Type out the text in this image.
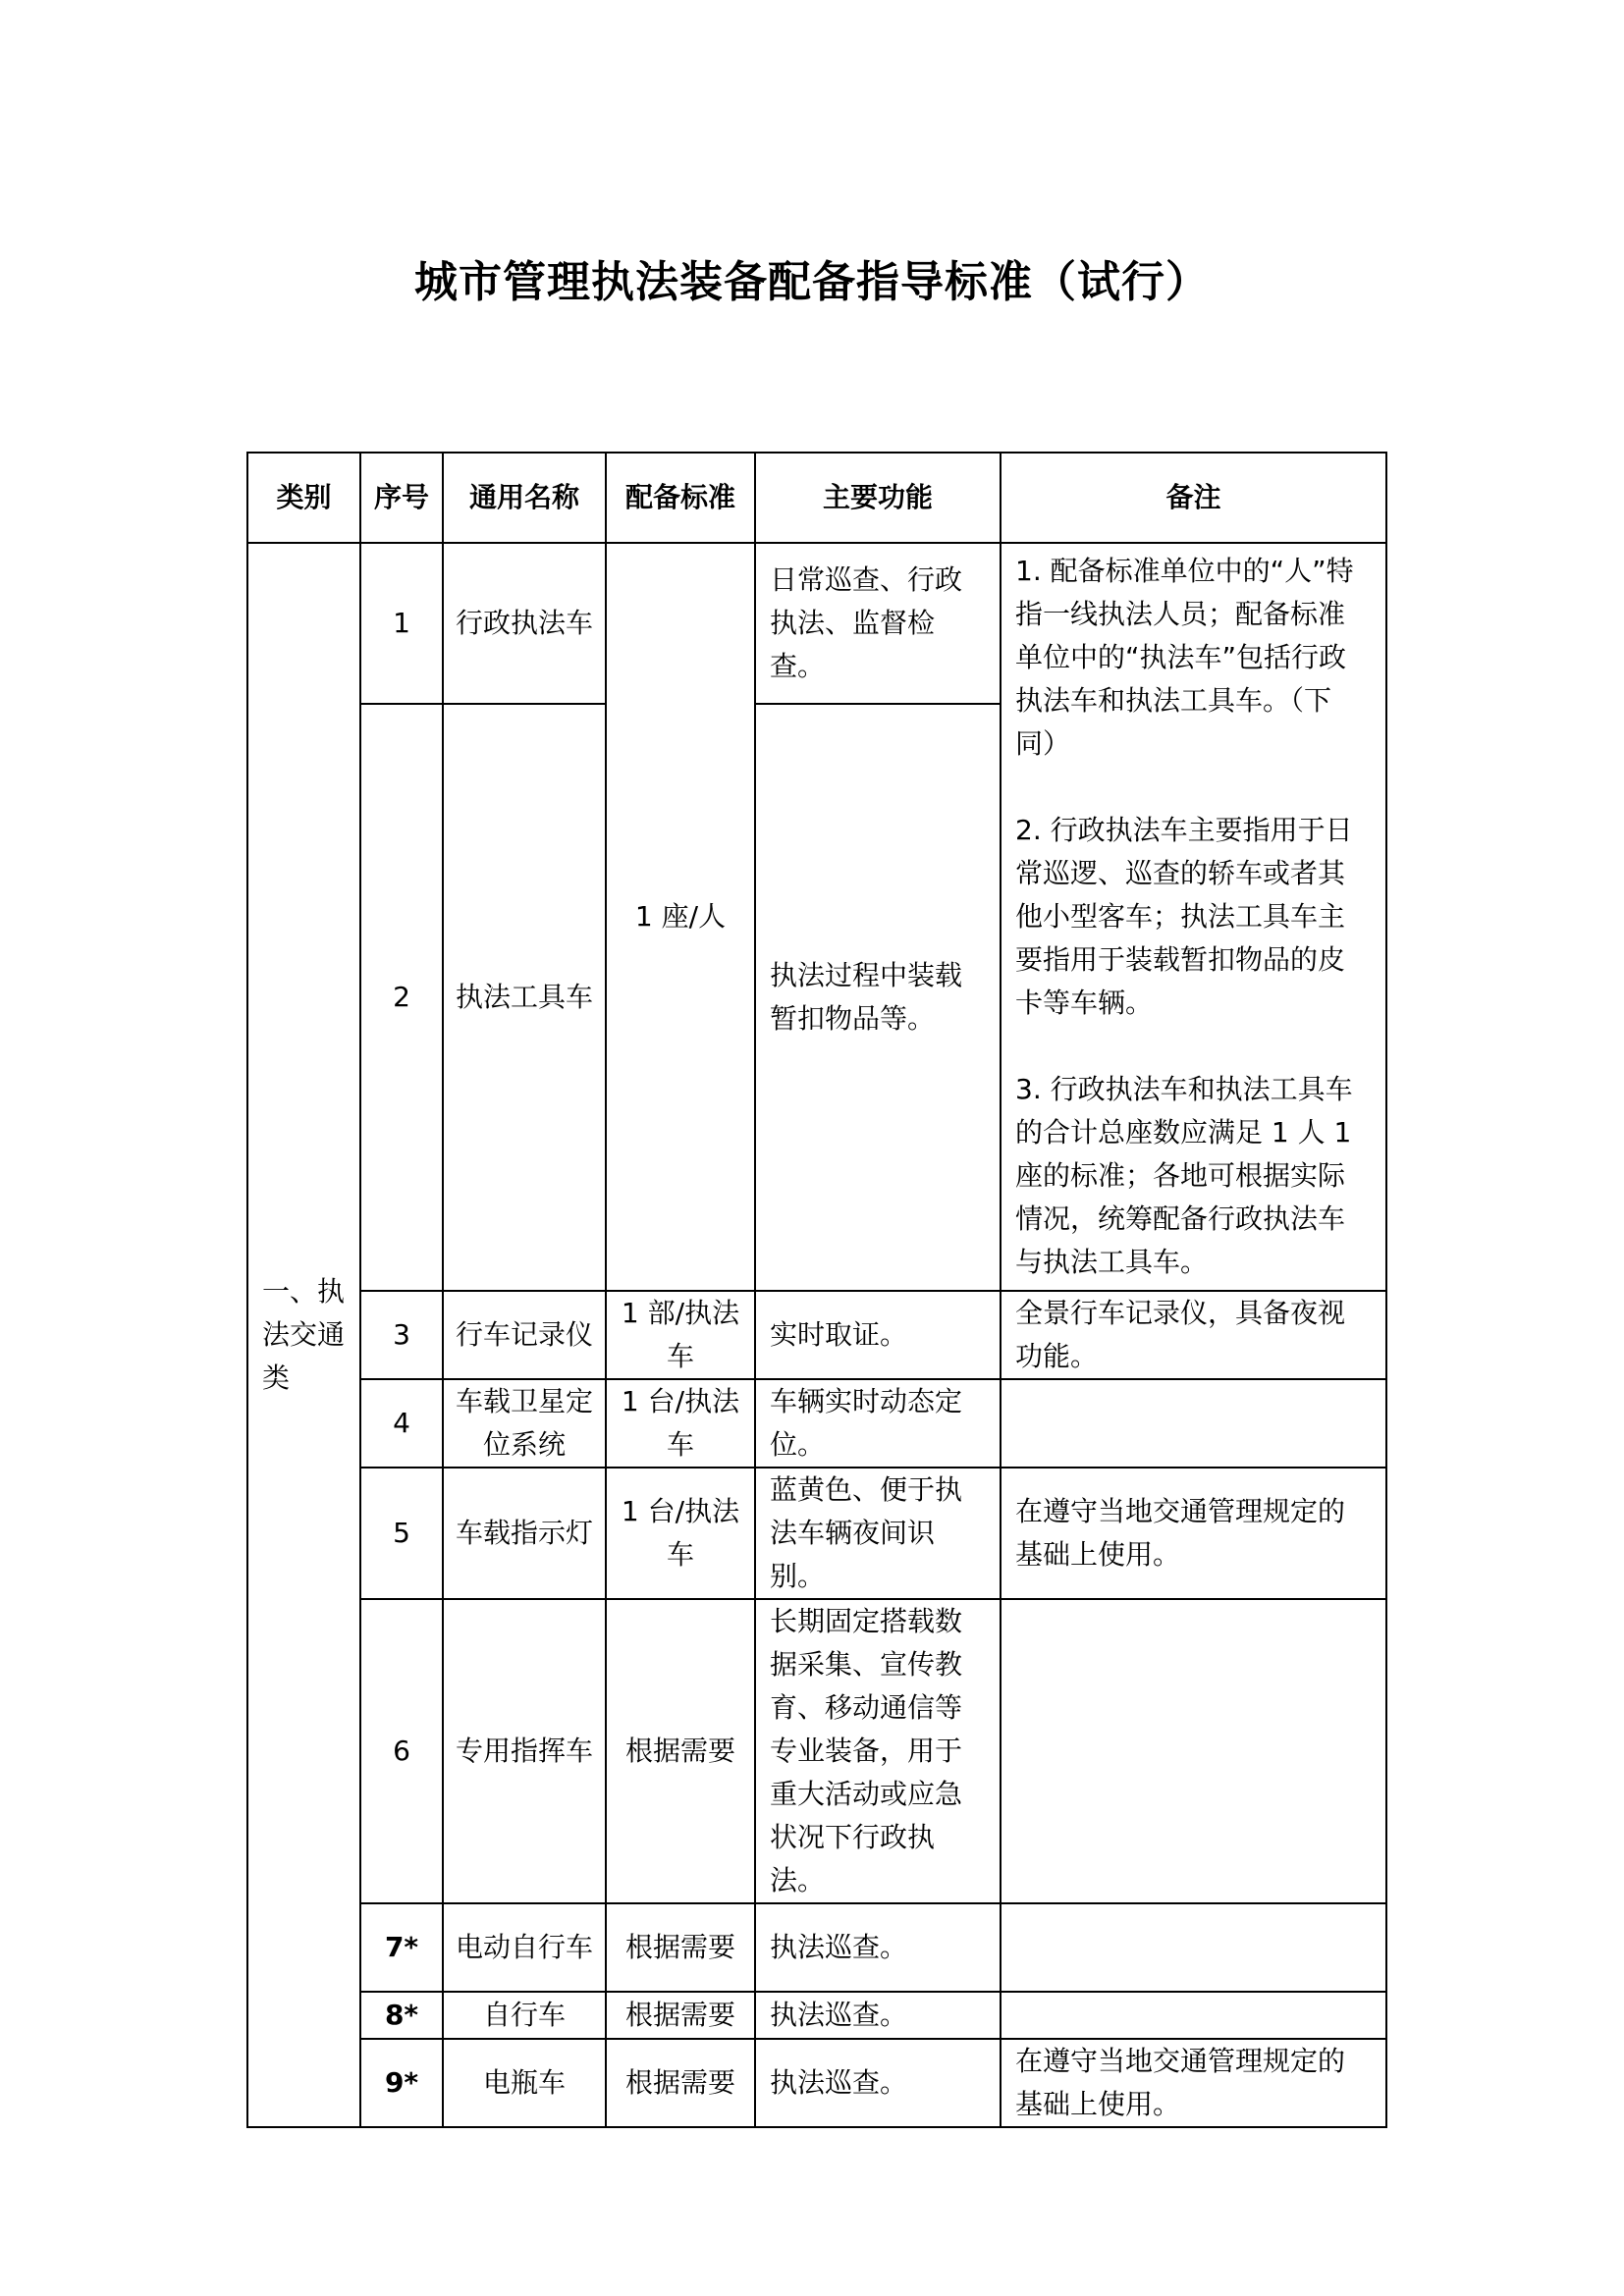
城市管理执法装备配备指导标准（试行）
类别	序号	通用名称	配备标准	主要功能	备注
一、执法交通类	1	行政执法车	1 座/人	日常巡查、行政执法、监督检查。	1. 配备标准单位中的“人”特指一线执法人员；配备标准单位中的“执法车”包括行政执法车和执法工具车。（下同）
2. 行政执法车主要指用于日常巡逻、巡查的轿车或者其他小型客车；执法工具车主要指用于装载暂扣物品的皮卡等车辆。
3. 行政执法车和执法工具车的合计总座数应满足 1 人 1 座的标准；各地可根据实际情况，统筹配备行政执法车与执法工具车。

	2	执法工具车		执法过程中装载暂扣物品等。	
	3	行车记录仪	1 部/执法车	实时取证。	全景行车记录仪，具备夜视功能。
	4	车载卫星定位系统	1 台/执法车	车辆实时动态定位。	
	5	车载指示灯	1 台/执法车	蓝黄色、便于执法车辆夜间识别。	在遵守当地交通管理规定的基础上使用。
	6	专用指挥车	根据需要	长期固定搭载数据采集、宣传教育、移动通信等专业装备，用于重大活动或应急状况下行政执法。	
	7*	电动自行车	根据需要	执法巡查。	
	8*	自行车	根据需要	执法巡查。	
	9*	电瓶车	根据需要	执法巡查。	在遵守当地交通管理规定的基础上使用。
